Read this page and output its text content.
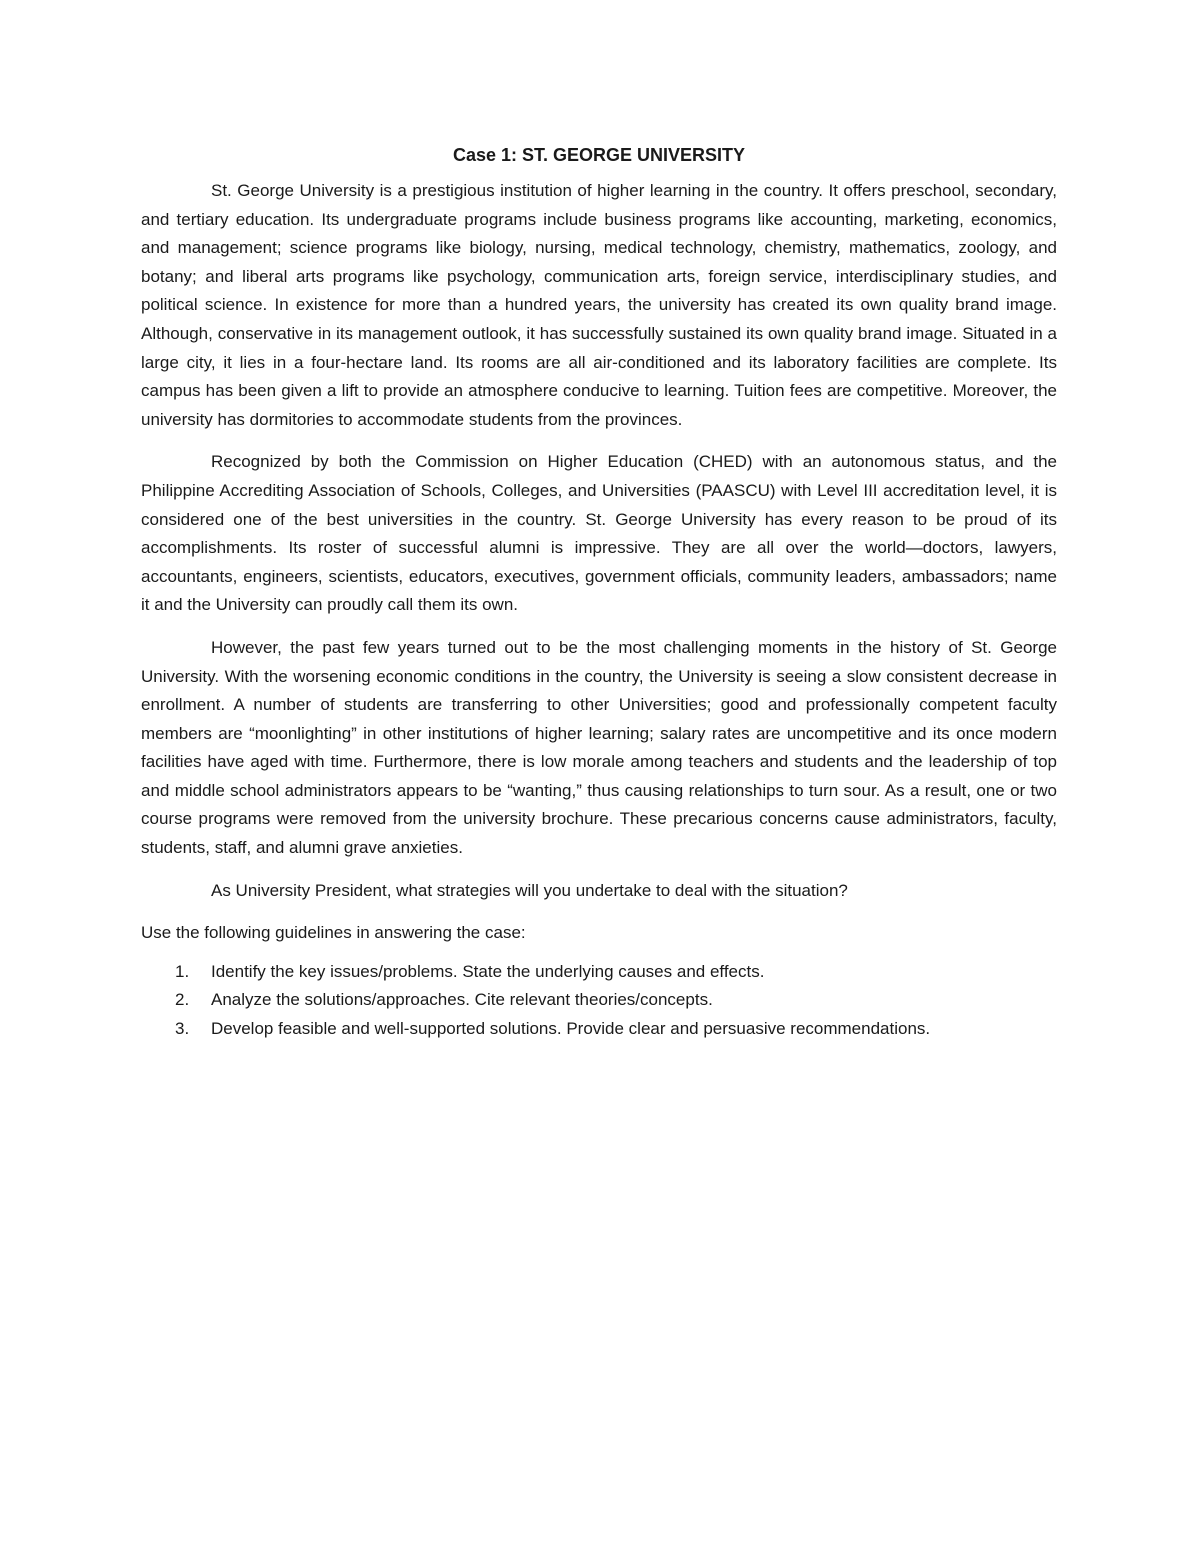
Case 1: ST. GEORGE UNIVERSITY

St. George University is a prestigious institution of higher learning in the country. It offers preschool, secondary, and tertiary education. Its undergraduate programs include business programs like accounting, marketing, economics, and management; science programs like biology, nursing, medical technology, chemistry, mathematics, zoology, and botany; and liberal arts programs like psychology, communication arts, foreign service, interdisciplinary studies, and political science. In existence for more than a hundred years, the university has created its own quality brand image. Although, conservative in its management outlook, it has successfully sustained its own quality brand image. Situated in a large city, it lies in a four-hectare land. Its rooms are all air-conditioned and its laboratory facilities are complete. Its campus has been given a lift to provide an atmosphere conducive to learning. Tuition fees are competitive. Moreover, the university has dormitories to accommodate students from the provinces.

Recognized by both the Commission on Higher Education (CHED) with an autonomous status, and the Philippine Accrediting Association of Schools, Colleges, and Universities (PAASCU) with Level III accreditation level, it is considered one of the best universities in the country. St. George University has every reason to be proud of its accomplishments. Its roster of successful alumni is impressive. They are all over the world—doctors, lawyers, accountants, engineers, scientists, educators, executives, government officials, community leaders, ambassadors; name it and the University can proudly call them its own.

However, the past few years turned out to be the most challenging moments in the history of St. George University. With the worsening economic conditions in the country, the University is seeing a slow consistent decrease in enrollment. A number of students are transferring to other Universities; good and professionally competent faculty members are “moonlighting” in other institutions of higher learning; salary rates are uncompetitive and its once modern facilities have aged with time. Furthermore, there is low morale among teachers and students and the leadership of top and middle school administrators appears to be “wanting,” thus causing relationships to turn sour. As a result, one or two course programs were removed from the university brochure. These precarious concerns cause administrators, faculty, students, staff, and alumni grave anxieties.

As University President, what strategies will you undertake to deal with the situation?

Use the following guidelines in answering the case:

1.	Identify the key issues/problems. State the underlying causes and effects.
2.	Analyze the solutions/approaches. Cite relevant theories/concepts.
3.	Develop feasible and well-supported solutions. Provide clear and persuasive recommendations.
